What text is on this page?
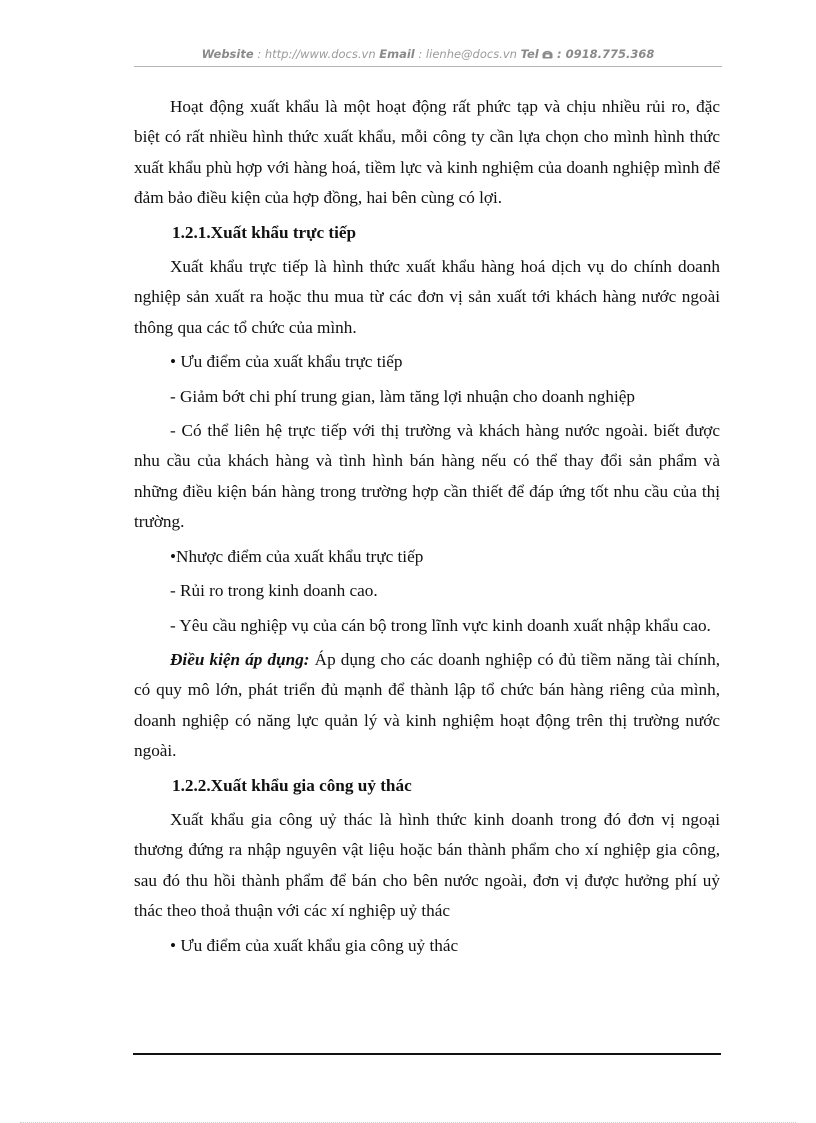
Website : http://www.docs.vn Email : lienhe@docs.vn Tel : 0918.775.368

Hoạt động xuất khẩu là một hoạt động rất phức tạp và chịu nhiều rủi ro, đặc biệt có rất nhiều hình thức xuất khẩu, mỗi công ty cần lựa chọn cho mình hình thức xuất khẩu phù hợp với hàng hoá, tiềm lực và kinh nghiệm của doanh nghiệp mình để đảm bảo điều kiện của hợp đồng, hai bên cùng có lợi.

1.2.1.Xuất khẩu trực tiếp

Xuất khẩu trực tiếp là hình thức xuất khẩu hàng hoá dịch vụ do chính doanh nghiệp sản xuất ra hoặc thu mua từ các đơn vị sản xuất tới khách hàng nước ngoài thông qua các tổ chức của mình.

• Ưu điểm của xuất khẩu trực tiếp

- Giảm bớt chi phí trung gian, làm tăng lợi nhuận cho doanh nghiệp

- Có thể liên hệ trực tiếp với thị trường và khách hàng nước ngoài. biết được nhu cầu của khách hàng và tình hình bán hàng nếu có thể thay đổi sản phẩm và những điều kiện bán hàng trong trường hợp cần thiết để đáp ứng tốt nhu cầu của thị trường.

•Nhược điểm của xuất khẩu trực tiếp

- Rủi ro trong kinh doanh cao.

- Yêu cầu nghiệp vụ của cán bộ trong lĩnh vực kinh doanh xuất nhập khẩu cao.

Điều kiện áp dụng: Áp dụng cho các doanh nghiệp có đủ tiềm năng tài chính, có quy mô lớn, phát triển đủ mạnh để thành lập tổ chức bán hàng riêng của mình, doanh nghiệp có năng lực quản lý và kinh nghiệm hoạt động trên thị trường nước ngoài.

1.2.2.Xuất khẩu gia công uỷ thác

Xuất khẩu gia công uỷ thác là hình thức kinh doanh trong đó đơn vị ngoại thương đứng ra nhập nguyên vật liệu hoặc bán thành phẩm cho xí nghiệp gia công, sau đó thu hồi thành phẩm để bán cho bên nước ngoài, đơn vị được hưởng phí uỷ thác theo thoả thuận với các xí nghiệp uỷ thác

• Ưu điểm của xuất khẩu gia công uỷ thác
